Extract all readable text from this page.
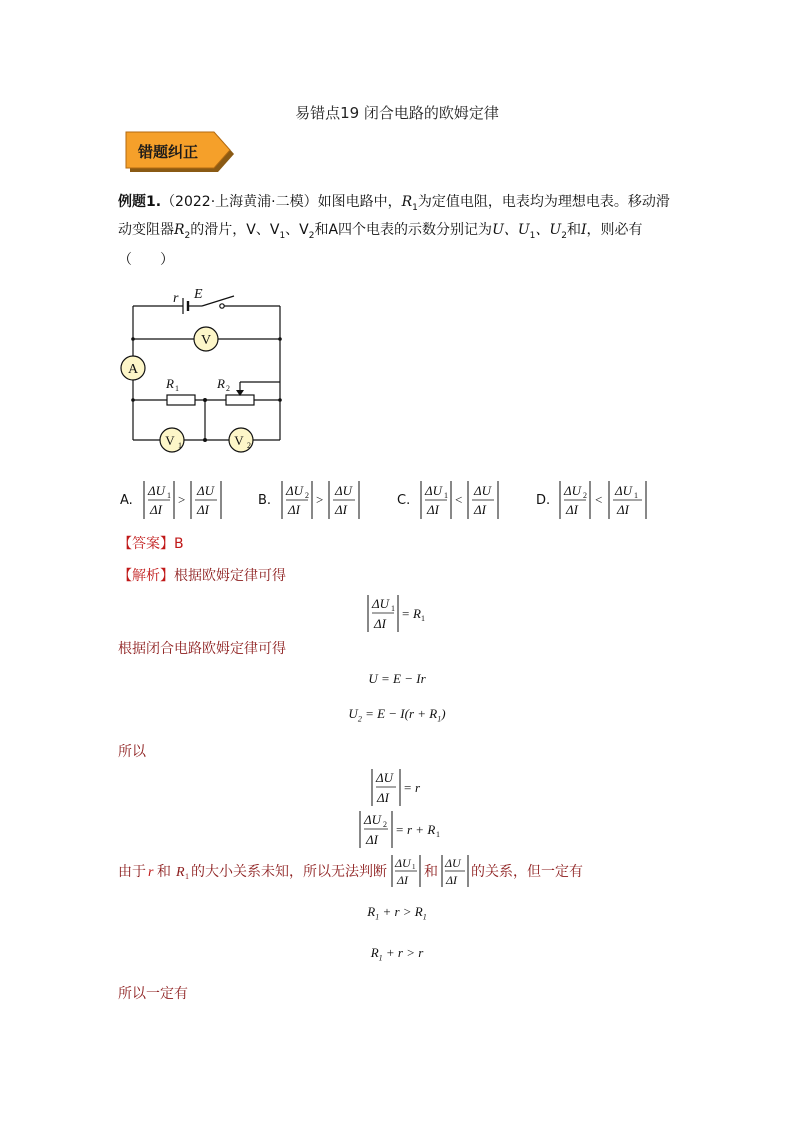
易错点19 闭合电路的欧姆定律
错题纠正
例题1.（2022·上海黄浦·二模）如图电路中，$R_1$为定值电阻，电表均为理想电表。移动滑
动变阻器$R_2$的滑片，V、$V_1$、$V_2$和A四个电表的示数分别记为U、$U_1$、$U_2$和I，则必有
（　　）
V
A
V 1	V 2
r E
R 1	R 2
A.
ΔU 1
ΔI
>
ΔU
ΔI
B.
ΔU 2
ΔI
>
ΔU
ΔI
C.
ΔU 1
ΔI
<
ΔU
ΔI
D.
ΔU 2
ΔI
<
ΔU 1
ΔI
【答案】B
【解析】根据欧姆定律可得
ΔU 1
ΔI
= R 1
根据闭合电路欧姆定律可得
U = E − Ir
$U_2 = E - I(r + R_1)$
所以
ΔU
ΔI
= r
ΔU 2
ΔI
= r + R 1
由于 r 和 R 1 的大小关系未知，所以无法判断
ΔU 1
ΔI 和
ΔU
ΔI 的关系，但一定有
$R_1 + r > R_1$
$R_1 + r > r$
所以一定有
